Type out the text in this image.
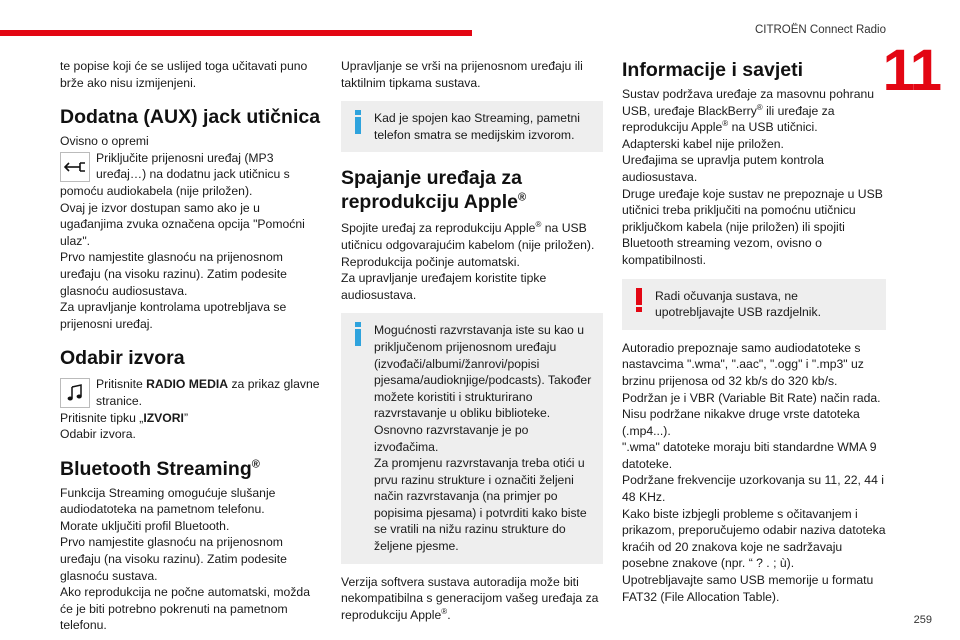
CITROËN Connect Radio
11

te popise koji će se uslijed toga učitavati puno brže ako nisu izmijenjeni.

Dodatna (AUX) jack utičnica

Ovisno o opremi

Priključite prijenosni uređaj (MP3 uređaj…) na dodatnu jack utičnicu s

pomoću audiokabela (nije priložen).
Ovaj je izvor dostupan samo ako je u ugađanjima zvuka označena opcija "Pomoćni ulaz".
Prvo namjestite glasnoću na prijenosnom uređaju (na visoku razinu). Zatim podesite glasnoću audiosustava.
Za upravljanje kontrolama upotrebljava se prijenosni uređaj.

Odabir izvora

Pritisnite RADIO MEDIA za prikaz glavne stranice.

Pritisnite tipku „IZVORI”

Odabir izvora.

Bluetooth Streaming®

Funkcija Streaming omogućuje slušanje audiodatoteka na pametnom telefonu.
Morate uključiti profil Bluetooth.
Prvo namjestite glasnoću na prijenosnom uređaju (na visoku razinu). Zatim podesite glasnoću sustava.
Ako reprodukcija ne počne automatski, možda će je biti potrebno pokrenuti na pametnom telefonu.

Upravljanje se vrši na prijenosnom uređaju ili taktilnim tipkama sustava.

Kad je spojen kao Streaming, pametni telefon smatra se medijskim izvorom.

Spajanje uređaja za reprodukciju Apple®

Spojite uređaj za reprodukciju Apple® na USB utičnicu odgovarajućim kabelom (nije priložen).
Reprodukcija počinje automatski.
Za upravljanje uređajem koristite tipke audiosustava.

Mogućnosti razvrstavanja iste su kao u priključenom prijenosnom uređaju (izvođači/albumi/žanrovi/popisi pjesama/audioknjige/podcasts). Također možete koristiti i strukturirano razvrstavanje u obliku biblioteke.
Osnovno razvrstavanje je po izvođačima.
Za promjenu razvrstavanja treba otići u prvu razinu strukture i označiti željeni način razvrstavanja (na primjer po popisima pjesama) i potvrditi kako biste se vratili na nižu razinu strukture do željene pjesme.

Verzija softvera sustava autoradija može biti nekompatibilna s generacijom vašeg uređaja za reprodukciju Apple®.

Informacije i savjeti

Sustav podržava uređaje za masovnu pohranu USB, uređaje BlackBerry® ili uređaje za reprodukciju Apple® na USB utičnici.
Adapterski kabel nije priložen.
Uređajima se upravlja putem kontrola audiosustava.
Druge uređaje koje sustav ne prepoznaje u USB utičnici treba priključiti na pomoćnu utičnicu priključkom kabela (nije priložen) ili spojiti Bluetooth streaming vezom, ovisno o kompatibilnosti.

Radi očuvanja sustava, ne upotrebljavajte USB razdjelnik.

Autoradio prepoznaje samo audiodatoteke s nastavcima ".wma", ".aac", ".ogg" i ".mp3" uz brzinu prijenosa od 32 kb/s do 320 kb/s.
Podržan je i VBR (Variable Bit Rate) način rada.
Nisu podržane nikakve druge vrste datoteka (.mp4...).
".wma" datoteke moraju biti standardne WMA 9 datoteke.
Podržane frekvencije uzorkovanja su 11, 22, 44 i 48 KHz.
Kako biste izbjegli probleme s očitavanjem i prikazom, preporučujemo odabir naziva datoteka kraćih od 20 znakova koje ne sadržavaju posebne znakove (npr. “ ? . ; ù).
Upotrebljavajte samo USB memorije u formatu FAT32 (File Allocation Table).

259
